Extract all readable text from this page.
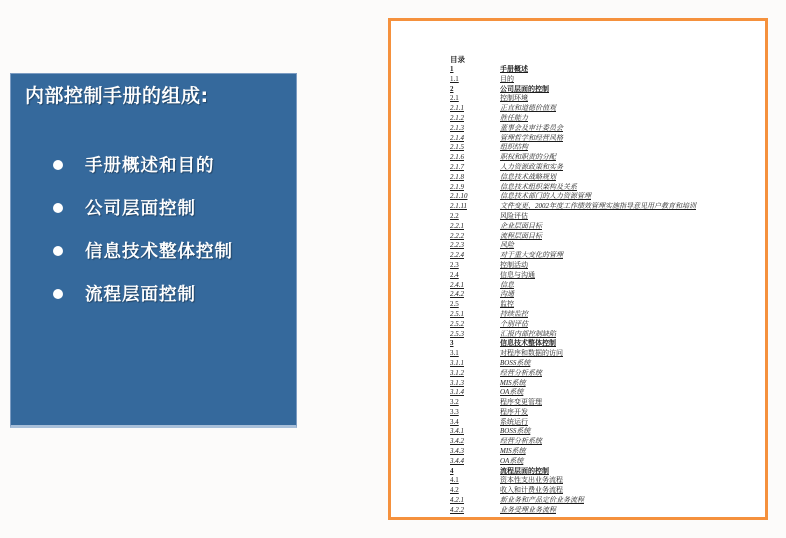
内部控制手册的组成:
手册概述和目的
公司层面控制
信息技术整体控制
流程层面控制
目录
1	手册概述
1.1	目的
2	公司层面的控制
2.1	控制环境
2.1.1	正直和道德价值观
2.1.2	胜任能力
2.1.3	董事会及审计委员会
2.1.4	管理哲学和经营风格
2.1.5	组织结构
2.1.6	职权和职责的分配
2.1.7	人力资源政策和实务
2.1.8	信息技术战略规划
2.1.9	信息技术组织架构及关系
2.1.10	信息技术部门的人力资源管理
2.1.11	文件变更、2002年度工作绩效管理实施指导意见用户教育和培训
2.2	风险评估
2.2.1	企业层面目标
2.2.2	流程层面目标
2.2.3	风险
2.2.4	对于重大变化的管理
2.3	控制活动
2.4	信息与沟通
2.4.1	信息
2.4.2	沟通
2.5	监控
2.5.1	持续监控
2.5.2	个别评估
2.5.3	汇报内部控制缺陷
3	信息技术整体控制
3.1	对程序和数据的访问
3.1.1	BOSS系统
3.1.2	经营分析系统
3.1.3	MIS系统
3.1.4	OA系统
3.2	程序变更管理
3.3	程序开发
3.4	系统运行
3.4.1	BOSS系统
3.4.2	经营分析系统
3.4.3	MIS系统
3.4.4	OA系统
4	流程层面的控制
4.1	资本性支出业务流程
4.2	收入和计费业务流程
4.2.1	新业务和产品定价业务流程
4.2.2	业务受理业务流程
